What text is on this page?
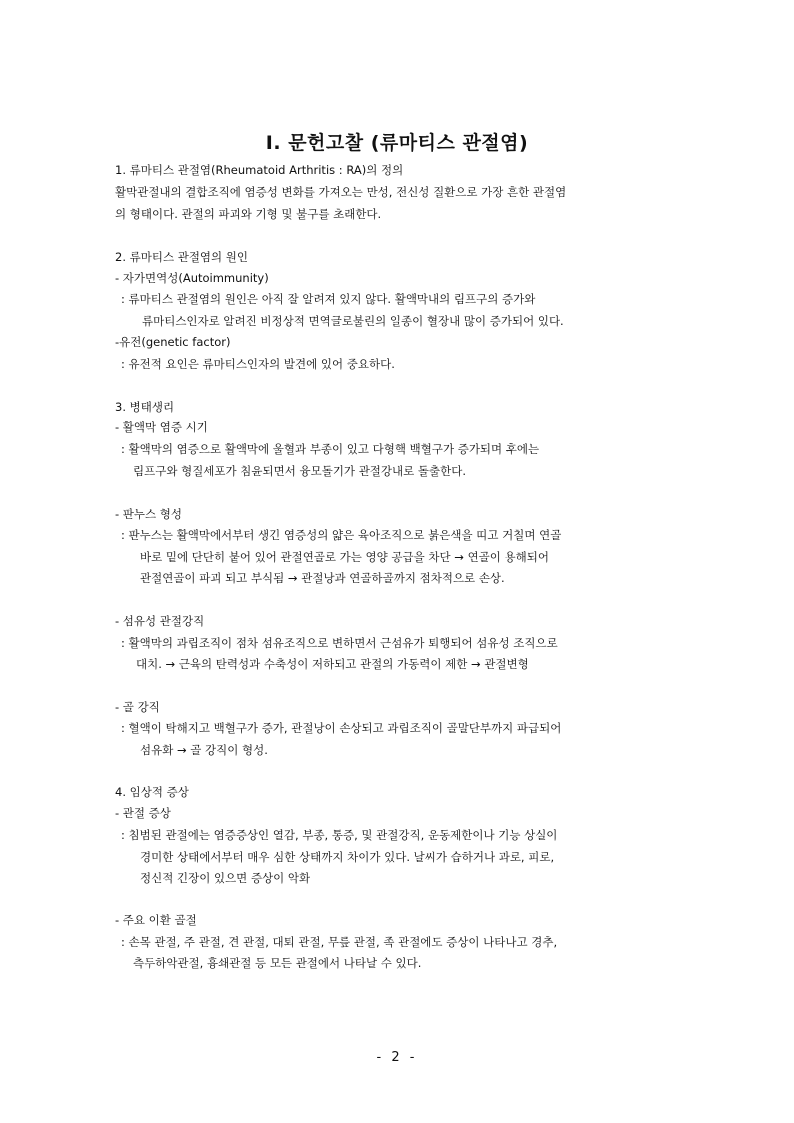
Ⅰ. 문헌고찰 (류마티스 관절염)
1. 류마티스 관절염(Rheumatoid Arthritis : RA)의 정의
활막관절내의 결합조직에 염증성 변화를 가져오는 만성, 전신성 질환으로 가장 흔한 관절염
의 형태이다. 관절의 파괴와 기형 및 불구를 초래한다.
2. 류마티스 관절염의 원인
- 자가면역성(Autoimmunity)
: 류마티스 관절염의 원인은 아직 잘 알려져 있지 않다. 활액막내의 림프구의 증가와
류마티스인자로 알려진 비정상적 면역글로불린의 일종이 혈장내 많이 증가되어 있다.
-유전(genetic factor)
: 유전적 요인은 류마티스인자의 발견에 있어 중요하다.
3. 병태생리
- 활액막 염증 시기
: 활액막의 염증으로 활액막에 울혈과 부종이 있고 다형핵 백혈구가 증가되며 후에는
림프구와 형질세포가 침윤되면서 융모돌기가 관절강내로 돌출한다.
- 판누스 형성
: 판누스는 활액막에서부터 생긴 염증성의 얇은 육아조직으로 붉은색을 띠고 거칠며 연골
바로 밑에 단단히 붙어 있어 관절연골로 가는 영양 공급을 차단 → 연골이 용해되어
관절연골이 파괴 되고 부식됨 → 관절낭과 연골하골까지 점차적으로 손상.
- 섬유성 관절강직
: 활액막의 과립조직이 점차 섬유조직으로 변하면서 근섬유가 퇴행되어 섬유성 조직으로
대치. → 근육의 탄력성과 수축성이 저하되고 관절의 가동력이 제한 → 관절변형
- 골 강직
: 혈액이 탁해지고 백혈구가 증가, 관절낭이 손상되고 과립조직이 골말단부까지 파급되어
섬유화 → 골 강직이 형성.
4. 임상적 증상
- 관절 증상
: 침범된 관절에는 염증증상인 열감, 부종, 통증, 및 관절강직, 운동제한이나 기능 상실이
경미한 상태에서부터 매우 심한 상태까지 차이가 있다. 날씨가 습하거나 과로, 피로,
정신적 긴장이 있으면 증상이 악화
- 주요 이환 골절
: 손목 관절, 주 관절, 견 관절, 대퇴 관절, 무릎 관절, 족 관절에도 증상이 나타나고 경추,
측두하악관절, 흉쇄관절 등 모든 관절에서 나타날 수 있다.
- 2 -
